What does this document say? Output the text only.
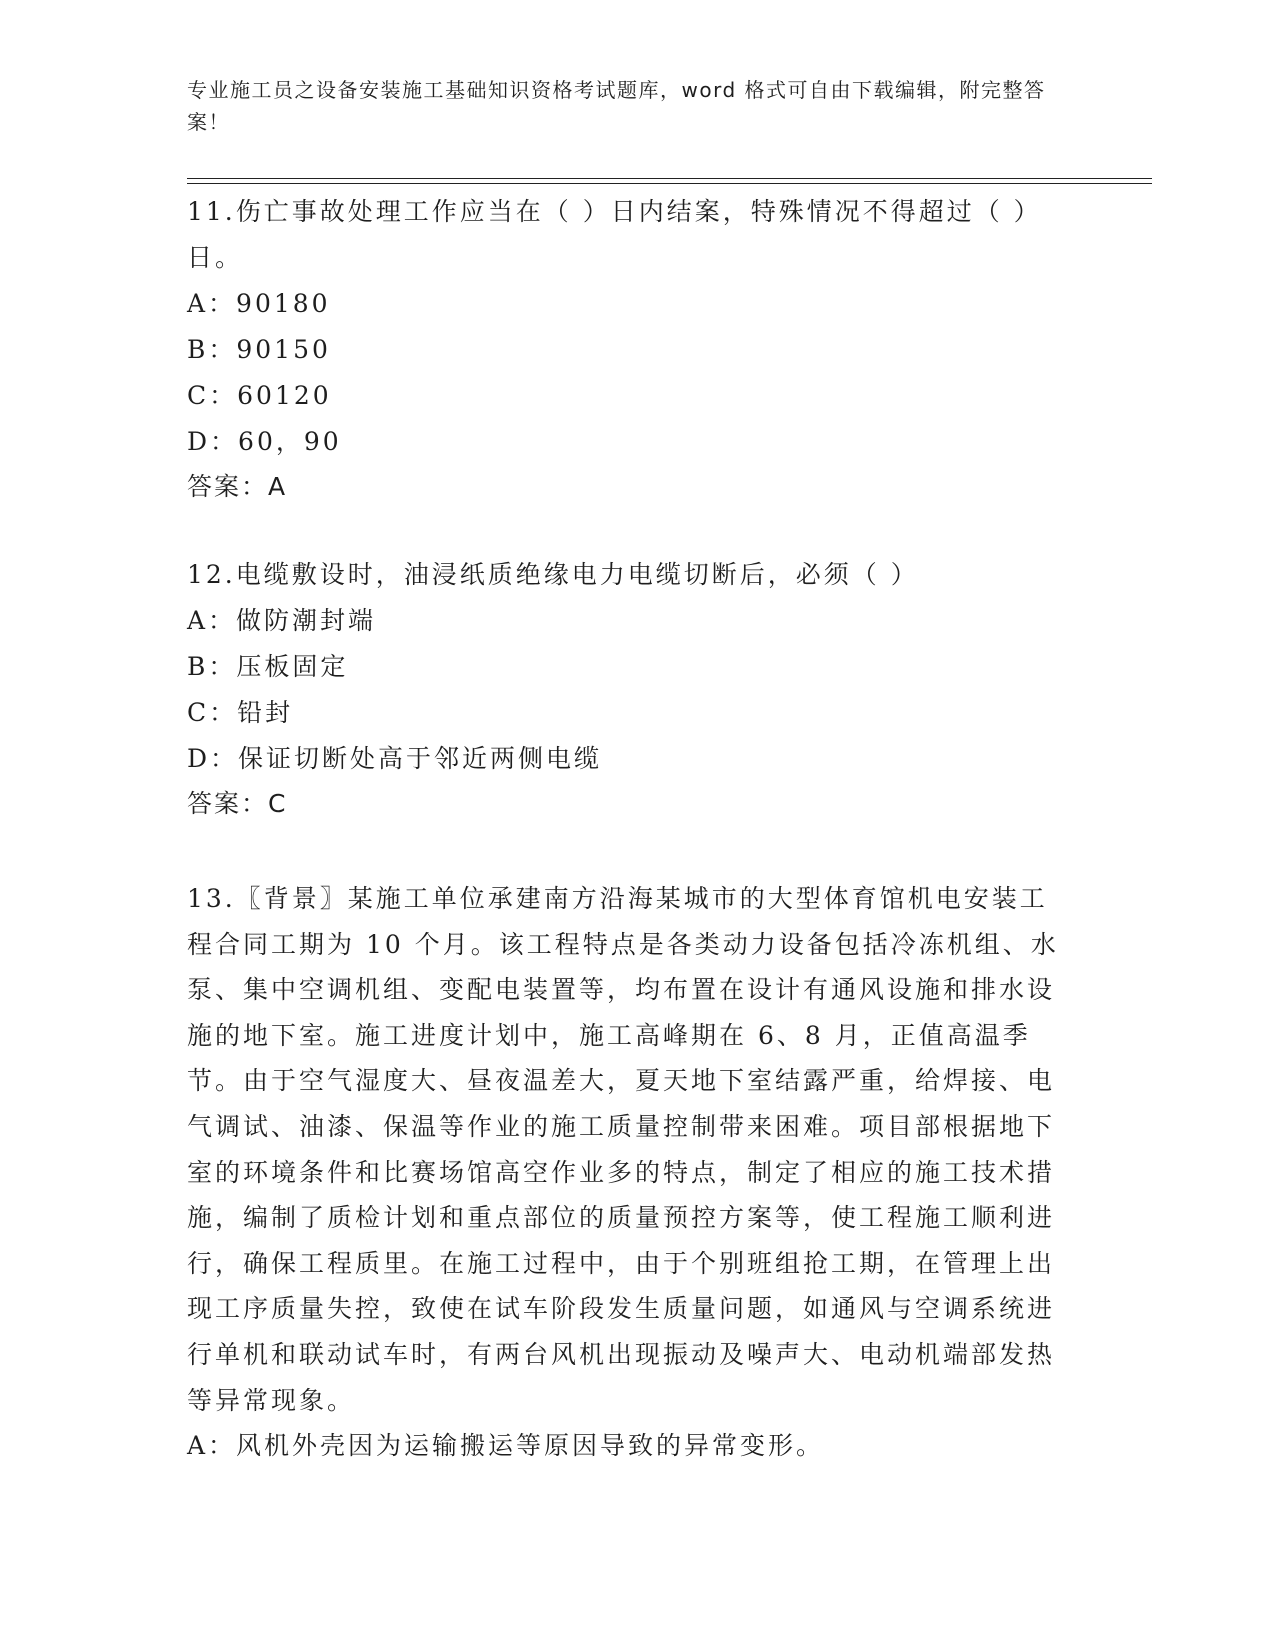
专业施工员之设备安装施工基础知识资格考试题库，word 格式可自由下载编辑，附完整答案！
11.伤亡事故处理工作应当在（ ）日内结案，特殊情况不得超过（ ）日。
A：90180
B：90150
C：60120
D：60，90
答案：A
12.电缆敷设时，油浸纸质绝缘电力电缆切断后，必须（ ）
A：做防潮封端
B：压板固定
C：铅封
D：保证切断处高于邻近两侧电缆
答案：C
13.〖背景〗某施工单位承建南方沿海某城市的大型体育馆机电安装工程合同工期为 10 个月。该工程特点是各类动力设备包括冷冻机组、水泵、集中空调机组、变配电装置等，均布置在设计有通风设施和排水设施的地下室。施工进度计划中，施工高峰期在 6、8 月，正值高温季节。由于空气湿度大、昼夜温差大，夏天地下室结露严重，给焊接、电气调试、油漆、保温等作业的施工质量控制带来困难。项目部根据地下室的环境条件和比赛场馆高空作业多的特点，制定了相应的施工技术措施，编制了质检计划和重点部位的质量预控方案等，使工程施工顺利进行，确保工程质里。在施工过程中，由于个别班组抢工期，在管理上出现工序质量失控，致使在试车阶段发生质量问题，如通风与空调系统进行单机和联动试车时，有两台风机出现振动及噪声大、电动机端部发热等异常现象。
A：风机外壳因为运输搬运等原因导致的异常变形。
